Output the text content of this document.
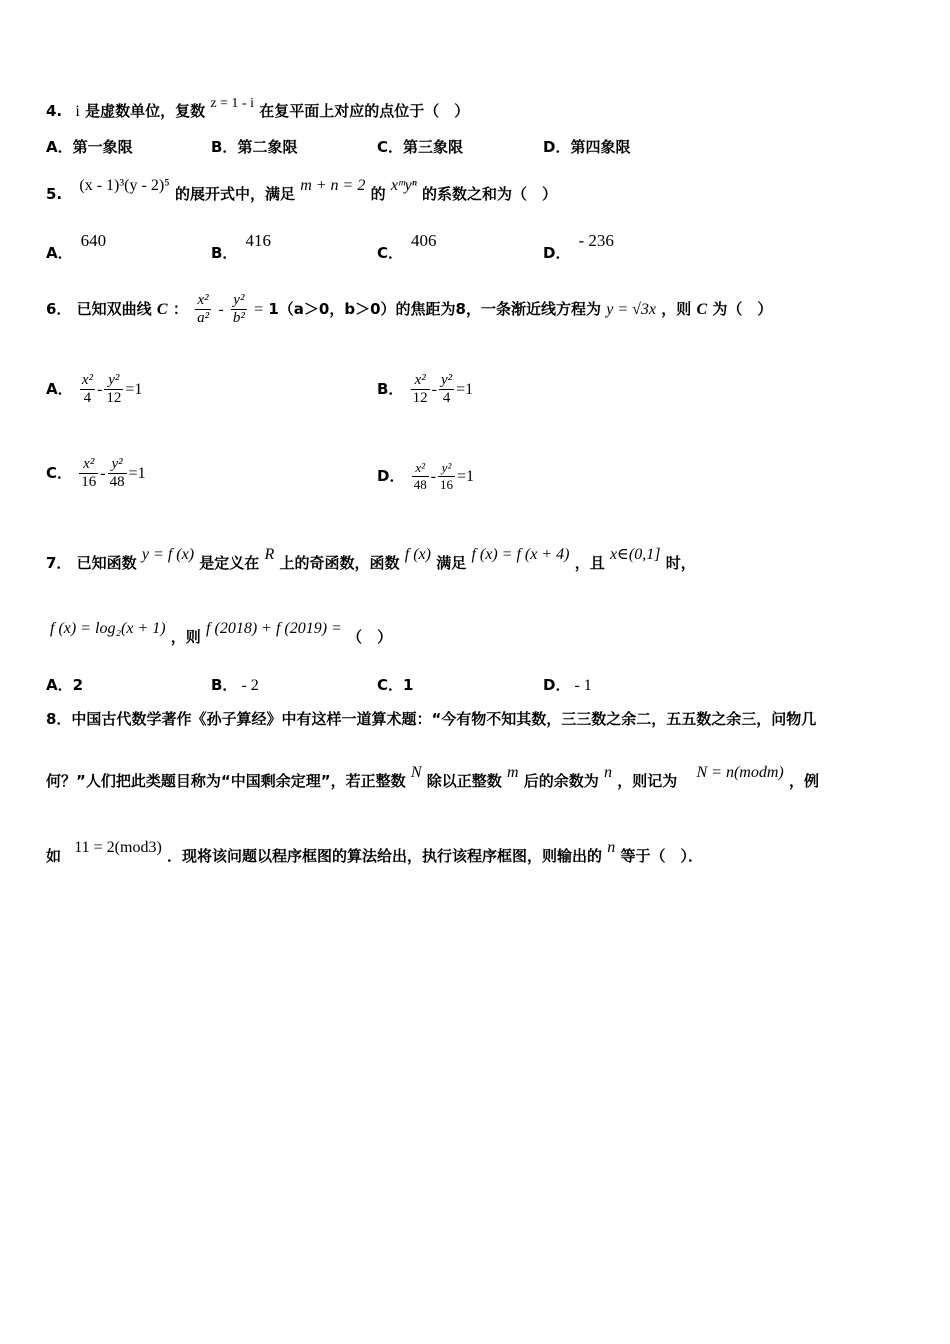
4. i 是虚数单位，复数 z = 1 - i 在复平面上对应的点位于（　）
A．第一象限	B．第二象限	C．第三象限	D．第四象限
5. (x - 1)³(y - 2)⁵ 的展开式中，满足 m + n = 2 的 xᵐyⁿ 的系数之和为（　）
A．640
B．416
C．406
D．- 236
6． 已知双曲线 C ： $\frac{\text{x²}}{\text{a²}} - \frac{\text{y²}}{\text{b²}} = 1(a>0$，b＞0）的焦距为8，一条渐近线方程为 y = √3x ，则 C 为（　）
A． $\frac{\text{x²}}{4} - \frac{\text{y²}}{12} =1$	B． $\frac{\text{x²}}{12} - \frac{\text{y²}}{4} =1$
C． $\frac{\text{x²}}{16} - \frac{\text{y²}}{48} =1$	D． $\frac{\text{x²}}{48} - \frac{\text{y²}}{16} =1$
7． 已知函数 y = f (x) 是定义在 R 上的奇函数，函数 f (x) 满足 f (x) = f (x + 4) ，且 x∈(0,1] 时，
f (x) = log₂(x + 1) ，则 f (2018) + f (2019) = （　）
A．2	B． - 2	C．1	D． - 1
8．中国古代数学著作《孙子算经》中有这样一道算术题：“今有物不知其数，三三数之余二，五五数之余三，问物几
何？”人们把此类题目称为“中国剩余定理”，若正整数 N 除以正整数 m 后的余数为 n ，则记为 N = n(modm) ，例
如 11 = 2(mod3) ．现将该问题以程序框图的算法给出，执行该程序框图，则输出的 n 等于（　）．
